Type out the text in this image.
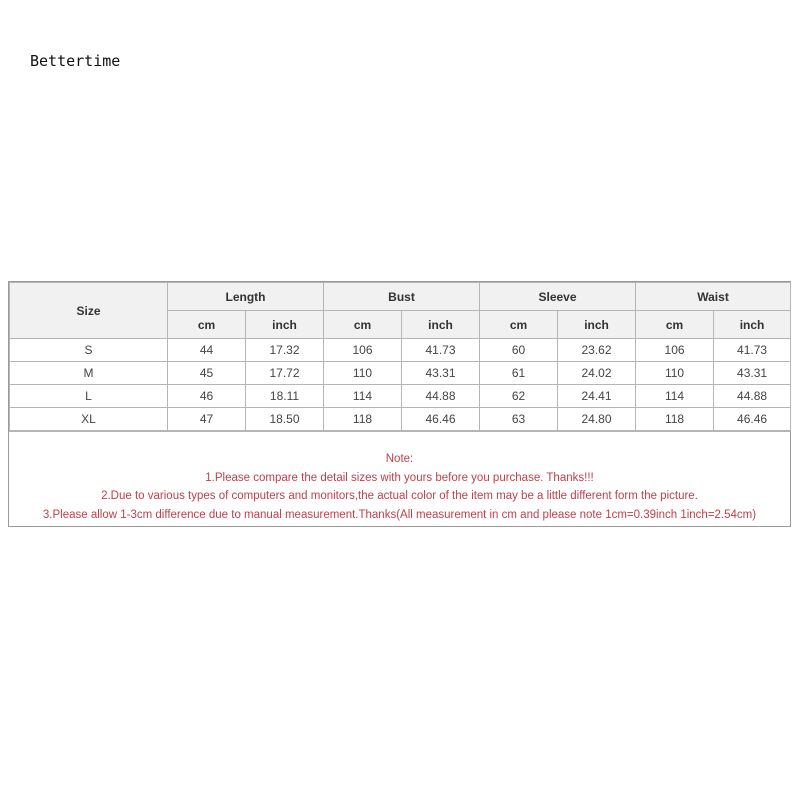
Bettertime
Size	Length		Bust		Sleeve		Waist	
	cm	inch	cm	inch	cm	inch	cm	inch
S	44	17.32	106	41.73	60	23.62	106	41.73
M	45	17.72	110	43.31	61	24.02	110	43.31
L	46	18.11	114	44.88	62	24.41	114	44.88
XL	47	18.50	118	46.46	63	24.80	118	46.46
Note:
1.Please compare the detail sizes with yours before you purchase. Thanks!!!
2.Due to various types of computers and monitors,the actual color of the item may be a little different form the picture.
3.Please allow 1-3cm difference due to manual measurement.Thanks(All measurement in cm and please note 1cm=0.39inch 1inch=2.54cm)
